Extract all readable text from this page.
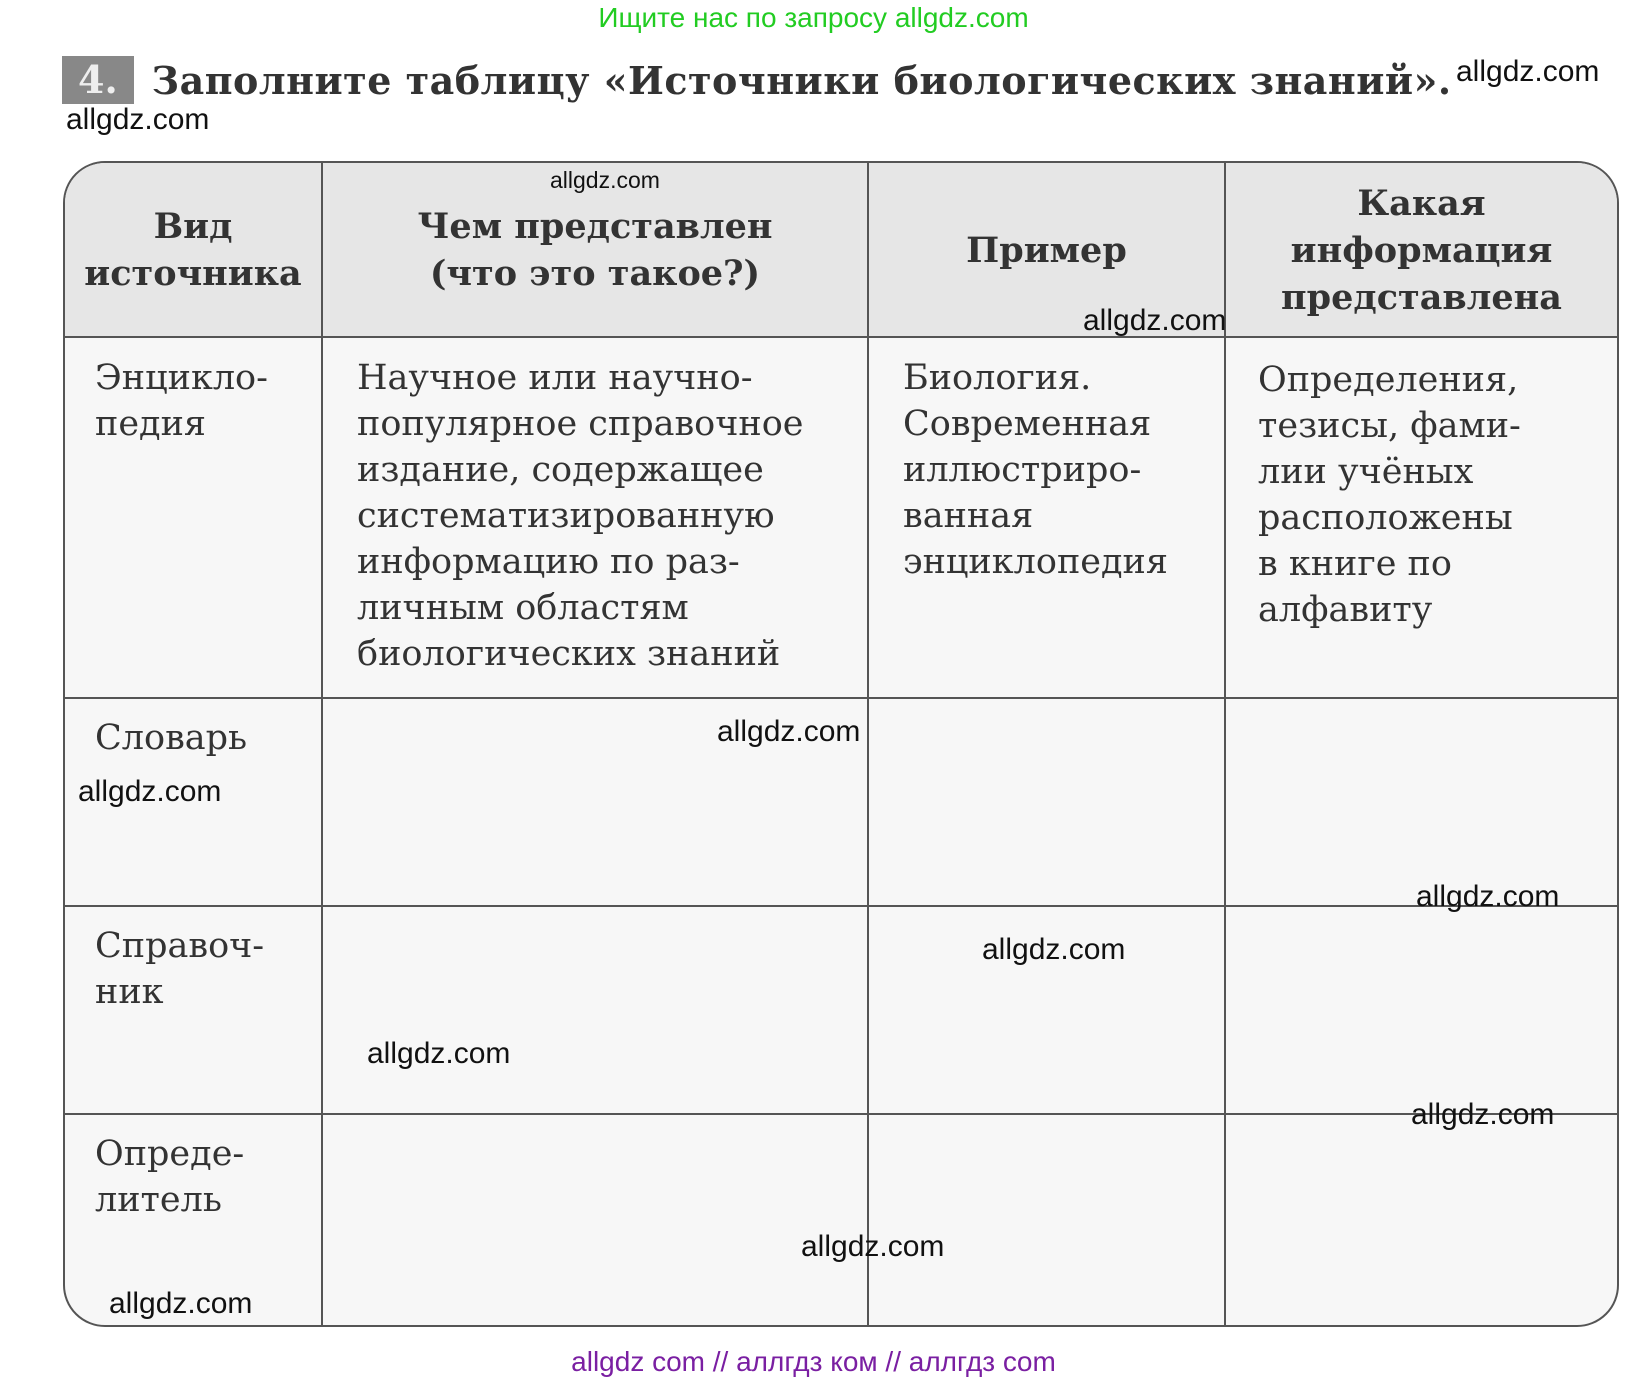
Ищите нас по запросу allgdz.com
4. Заполните таблицу «Источники биологических знаний».
Вид источника
Чем представлен (что это такое?)
Пример
Какая информация представлена
Энцикло-
педия
Научное или научно-
популярное справочное
издание, содержащее
систематизированную
информацию по раз-
личным областям
биологических знаний
Биология.
Современная
иллюстриро-
ванная
энциклопедия
Определения,
тезисы, фами-
лии учёных
расположены
в книге по
алфавиту
Словарь
Справоч-
ник
Опреде-
литель
allgdz.com
allgdz.com
allgdz.com
allgdz.com
allgdz.com
allgdz.com
allgdz.com
allgdz.com
allgdz.com
allgdz.com
allgdz.com
allgdz.com
allgdz com // аллгдз ком // аллгдз com
